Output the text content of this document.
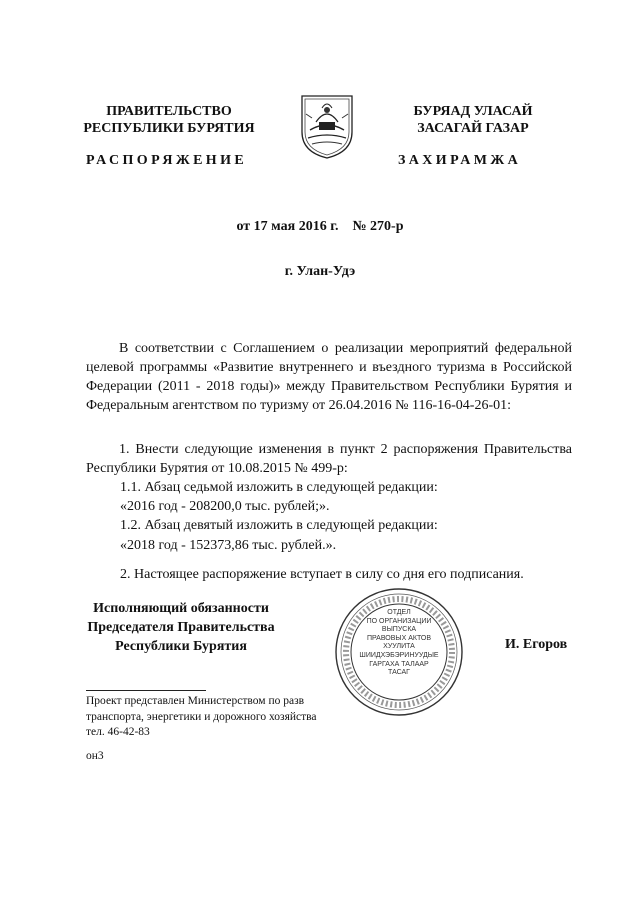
ПРАВИТЕЛЬСТВО
РЕСПУБЛИКИ БУРЯТИЯ
РАСПОРЯЖЕНИЕ
БУРЯАД УЛАСАЙ
ЗАСАГАЙ ГАЗАР
ЗАХИРАМЖА
от 17 мая 2016 г.    № 270-р
г. Улан-Удэ
В соответствии с Соглашением о реализации мероприятий федеральной целевой программы «Развитие внутреннего и въездного туризма в Российской Федерации (2011 - 2018 годы)» между Правительством Республики Бурятия и Федеральным агентством по туризму от 26.04.2016 № 116-16-04-26-01:
1. Внести следующие изменения в пункт 2 распоряжения Правительства Республики Бурятия от 10.08.2015 № 499-р:
1.1. Абзац седьмой изложить в следующей редакции:
«2016 год - 208200,0 тыс. рублей;».
1.2. Абзац девятый изложить в следующей редакции:
«2018 год - 152373,86 тыс. рублей.».
2. Настоящее распоряжение вступает в силу со дня его подписания.
Исполняющий обязанности
Председателя Правительства
Республики Бурятия	И. Егоров
ОТДЕЛ
ПО ОРГАНИЗАЦИИ
ВЫПУСКА
ПРАВОВЫХ АКТОВ
ХУУЛИТА
ШИИДХЭБЭРИНУУДЫЕ
ГАРГАХА ТАЛААР
ТАСАГ
Проект представлен Министерством по разв
транспорта, энергетики и дорожного хозяйства
тел. 46-42-83
он3
